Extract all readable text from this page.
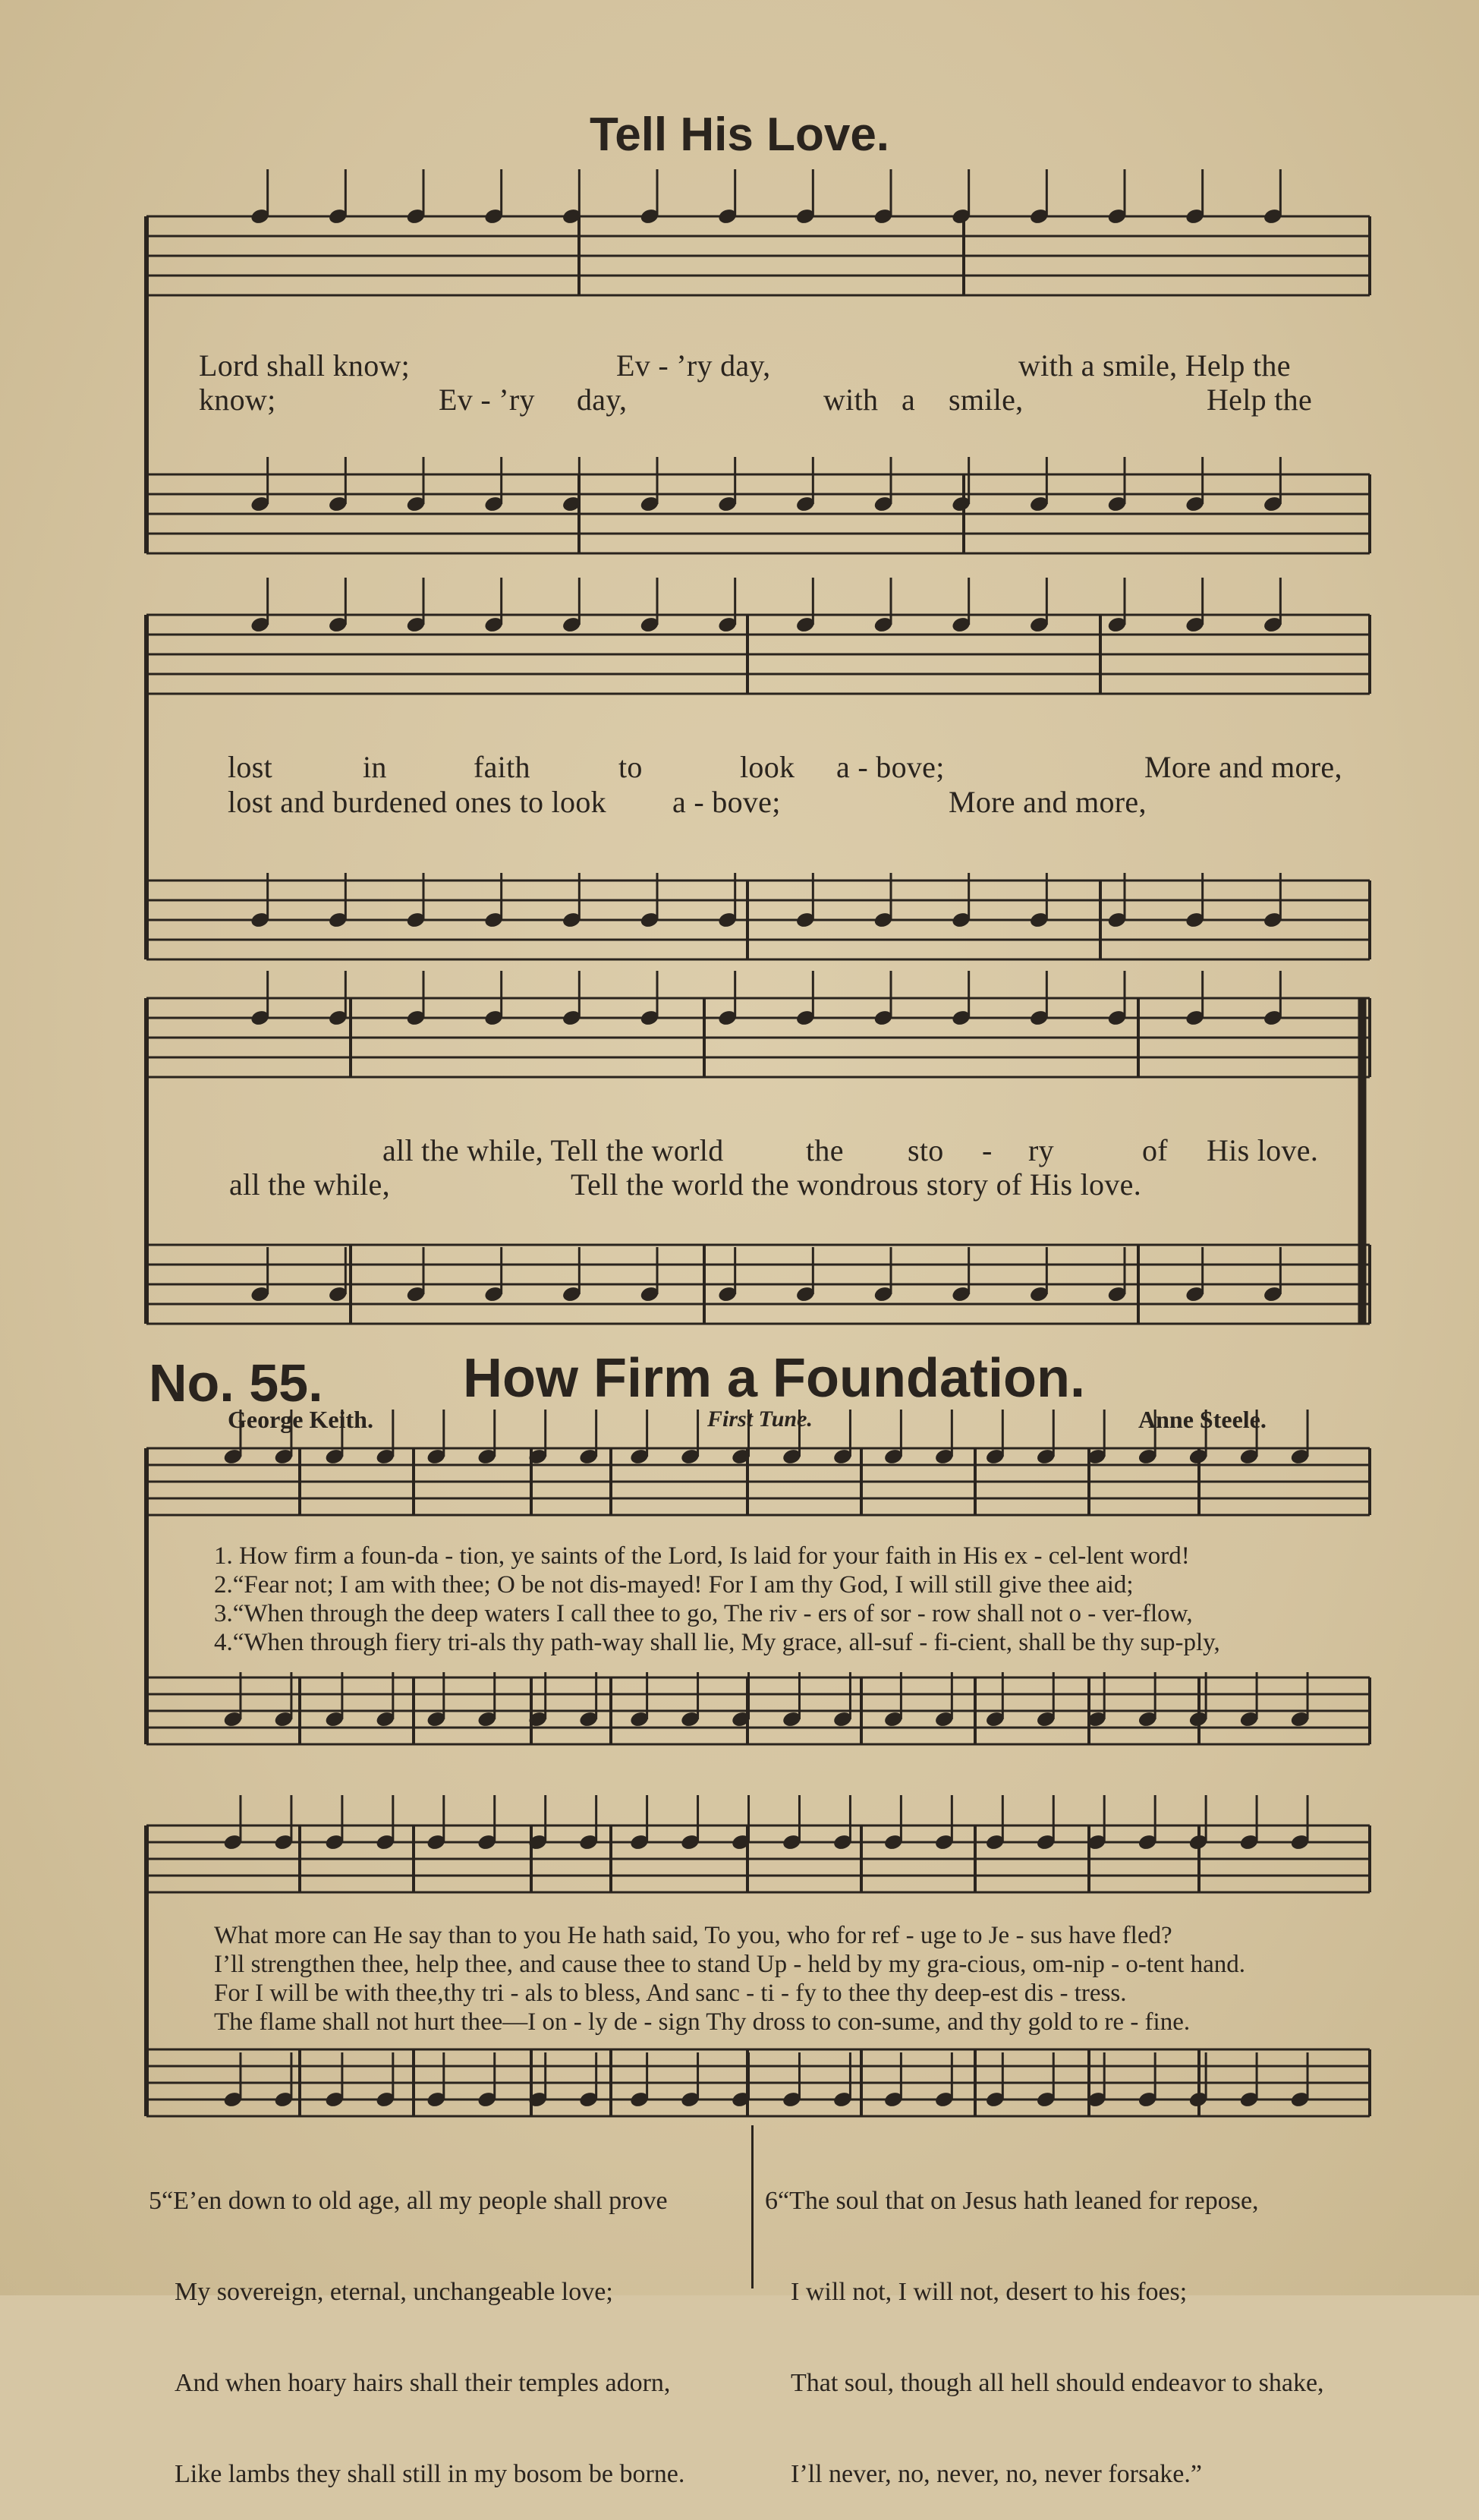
Tell His Love.
Lord shall know;	Ev - ’ry day,	with a smile, Help the
know;	Ev - ’ry day,	with a smile,	Help the
lost	in	faith	to	look a - bove;	More and more,
lost and burdened ones to look a - bove;	More and more,
all the while, Tell the world	the sto - ry	of His love.
all the while,	Tell the world the wondrous story of His love.
No. 55.	How Firm a Foundation.
George Keith.	First Tune.	Anne Steele.
1. How firm a foun-da - tion, ye saints of the Lord, Is laid for your faith in His ex - cel-lent word!
2.“Fear not; I am with thee; O be not dis-mayed! For I am thy God, I will still give thee aid;
3.“When through the deep waters I call thee to go, The riv - ers of sor - row shall not o - ver-flow,
4.“When through fiery tri-als thy path-way shall lie, My grace, all-suf - fi-cient, shall be thy sup-ply,
What more can He say than to you He hath said, To you, who for ref - uge to Je - sus have fled?
I’ll strengthen thee, help thee, and cause thee to stand Up - held by my gra-cious, om-nip - o-tent hand.
For I will be with thee,thy tri - als to bless, And sanc - ti - fy to thee thy deep-est dis - tress.
The flame shall not hurt thee—I on - ly de - sign Thy dross to con-sume, and thy gold to re - fine.

5“E’en down to old age, all my people shall prove

My sovereign, eternal, unchangeable love;

And when hoary hairs shall their temples adorn,

Like lambs they shall still in my bosom be borne.

6“The soul that on Jesus hath leaned for repose,

I will not, I will not, desert to his foes;

That soul, though all hell should endeavor to shake,

I’ll never, no, never, no, never forsake.”
